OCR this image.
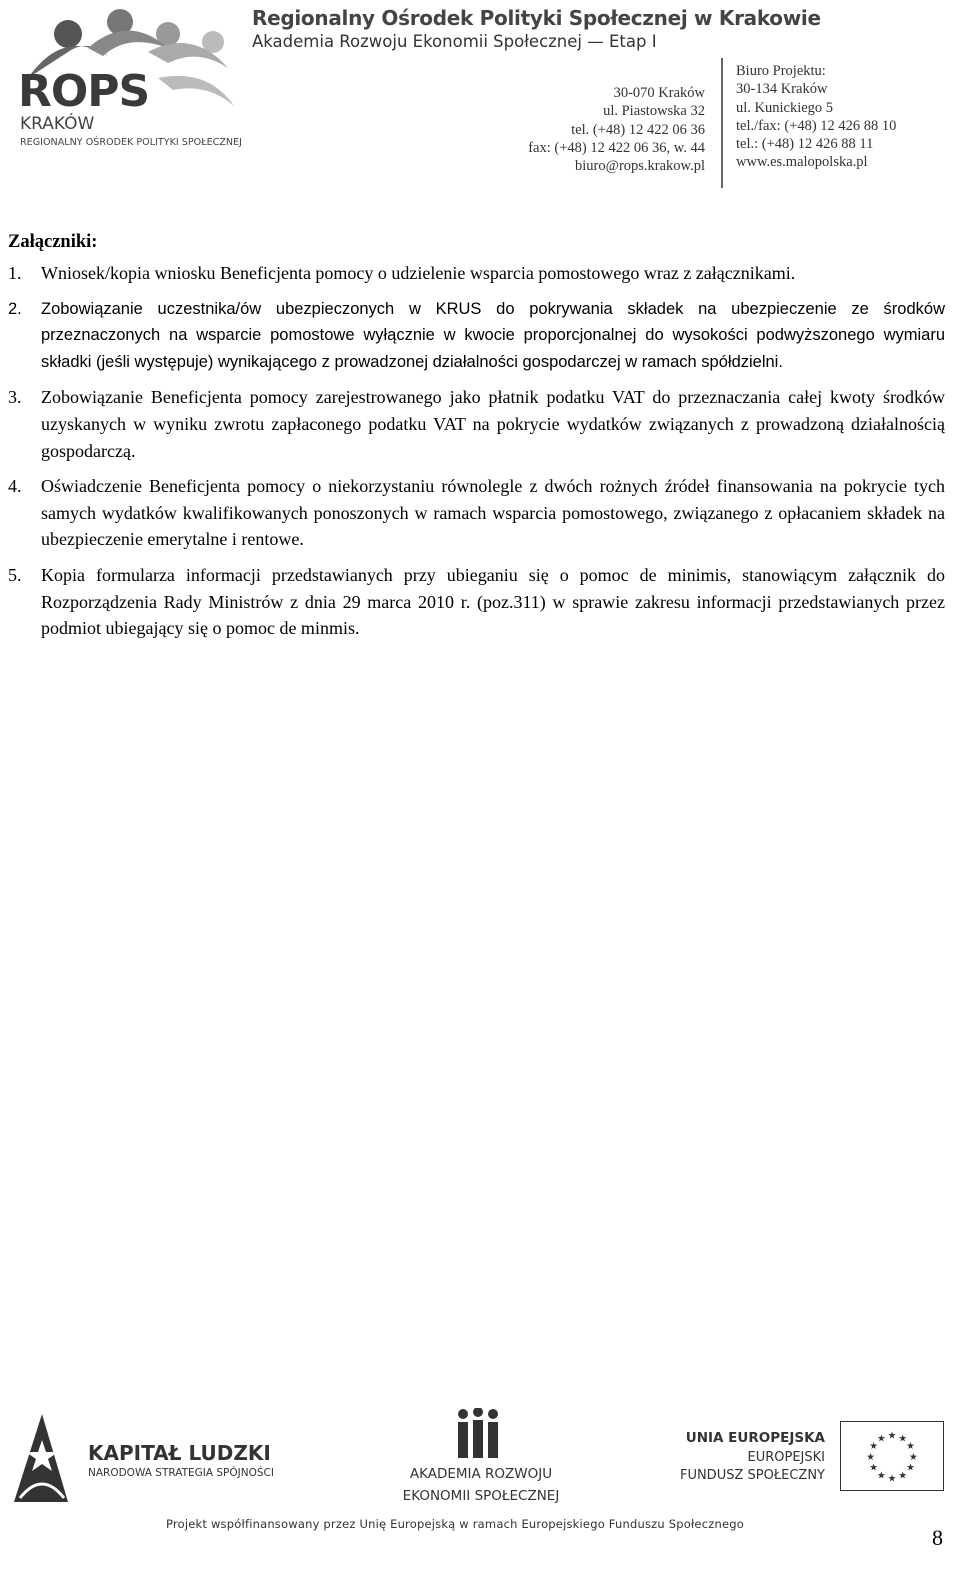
ROPS
KRAKÓW
REGIONALNY OŚRODEK POLITYKI SPOŁECZNEJ
Regionalny Ośrodek Polityki Społecznej w Krakowie
Akademia Rozwoju Ekonomii Społecznej — Etap I
30-070 Kraków
ul. Piastowska 32
tel. (+48) 12 422 06 36
fax: (+48) 12 422 06 36, w. 44
biuro@rops.krakow.pl
Biuro Projektu:
30-134 Kraków
ul. Kunickiego 5
tel./fax: (+48) 12 426 88 10
tel.: (+48) 12 426 88 11
www.es.malopolska.pl
Załączniki:
1. Wniosek/kopia wniosku Beneficjenta pomocy o udzielenie wsparcia pomostowego wraz z załącznikami.
2. Zobowiązanie uczestnika/ów ubezpieczonych w KRUS do pokrywania składek na ubezpieczenie ze środków przeznaczonych na wsparcie pomostowe wyłącznie w kwocie proporcjonalnej do wysokości podwyższonego wymiaru składki (jeśli występuje) wynikającego z prowadzonej działalności gospodarczej w ramach spółdzielni.
3. Zobowiązanie Beneficjenta pomocy zarejestrowanego jako płatnik podatku VAT do przeznaczania całej kwoty środków uzyskanych w wyniku zwrotu zapłaconego podatku VAT na pokrycie wydatków związanych z prowadzoną działalnością gospodarczą.
4. Oświadczenie Beneficjenta pomocy o niekorzystaniu równolegle z dwóch rożnych źródeł finansowania na pokrycie tych samych wydatków kwalifikowanych ponoszonych w ramach wsparcia pomostowego, związanego z opłacaniem składek na ubezpieczenie emerytalne i rentowe.
5. Kopia formularza informacji przedstawianych przy ubieganiu się o pomoc de minimis, stanowiącym załącznik do Rozporządzenia Rady Ministrów z dnia 29 marca 2010 r. (poz.311) w sprawie zakresu informacji przedstawianych przez podmiot ubiegający się o pomoc de minmis.
KAPITAŁ LUDZKI
NARODOWA STRATEGIA SPÓJNOŚCI	AKADEMIA ROZWOJU
EKONOMII SPOŁECZNEJ
UNIA EUROPEJSKA
EUROPEJSKI
FUNDUSZ SPOŁECZNY
★ ★
★
★
★
★
★
★
★
★
★
★
Projekt współfinansowany przez Unię Europejską w ramach Europejskiego Funduszu Społecznego
8
